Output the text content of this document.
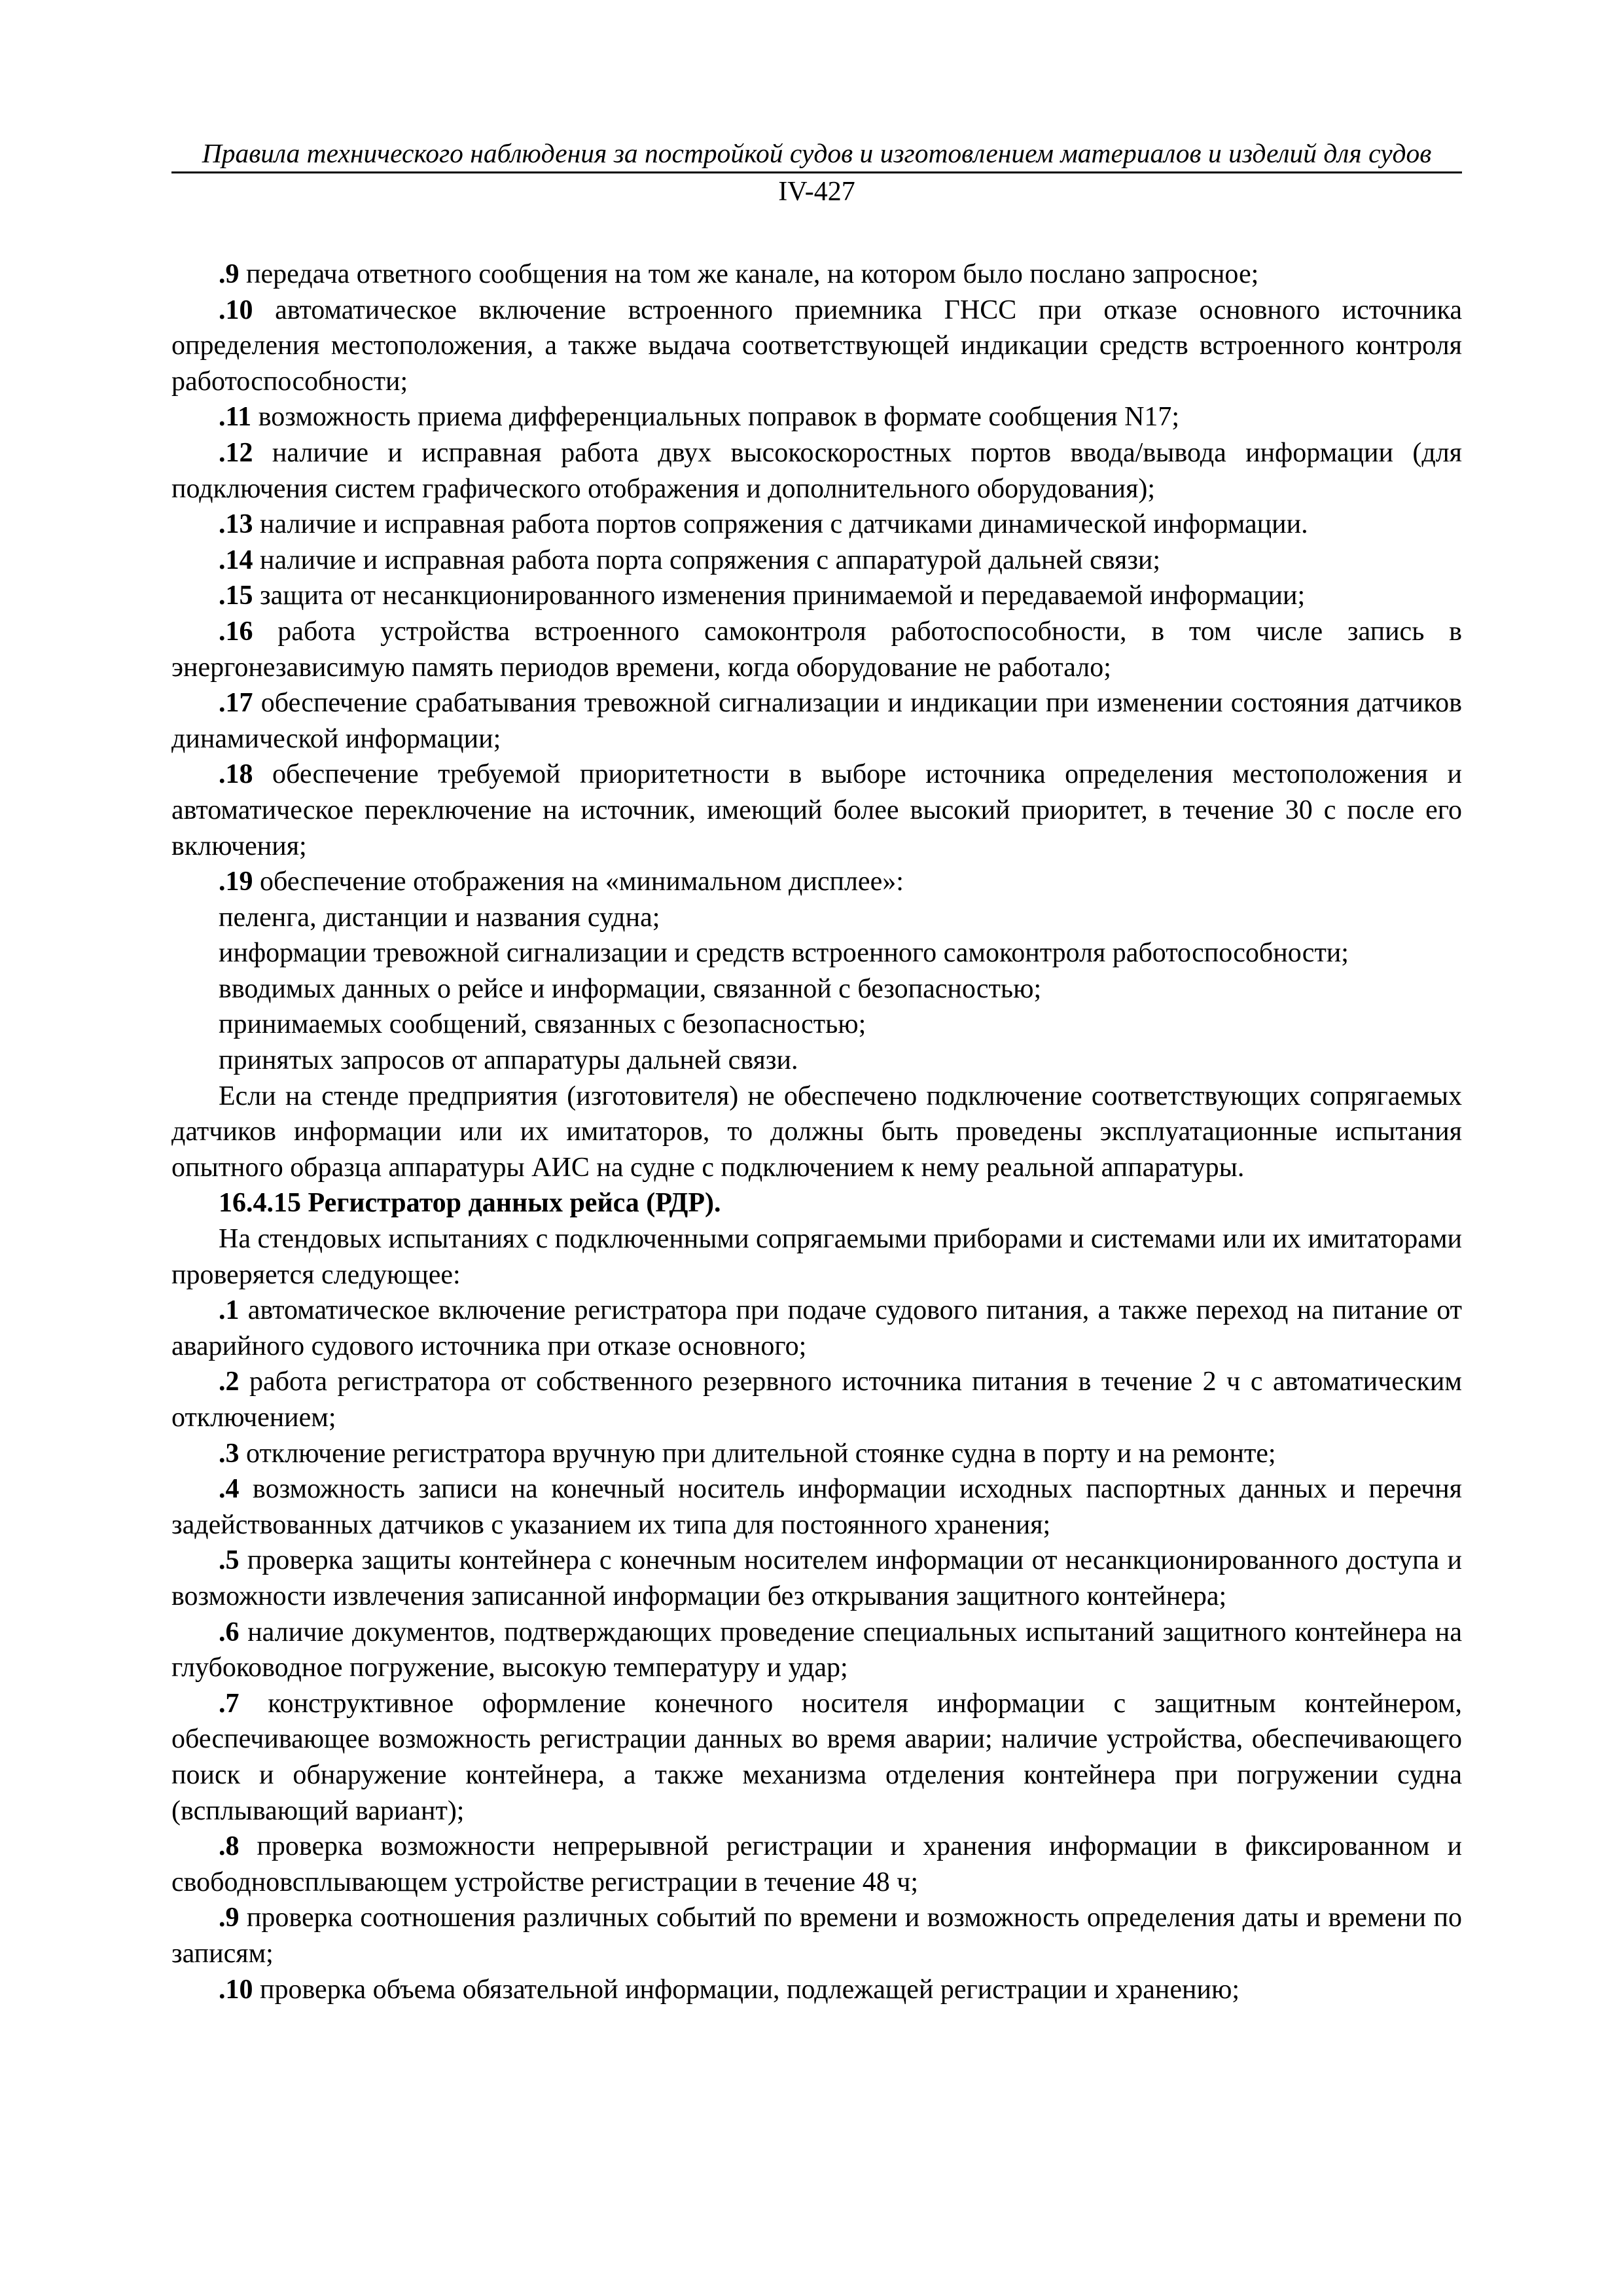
Правила технического наблюдения за постройкой судов и изготовлением материалов и изделий для судов
IV-427

.9 передача ответного сообщения на том же канале, на котором было послано запросное;

.10 автоматическое включение встроенного приемника ГНСС при отказе основного источника определения местоположения, а также выдача соответствующей индикации средств встроенного контроля работоспособности;

.11 возможность приема дифференциальных поправок в формате сообщения N17;

.12 наличие и исправная работа двух высокоскоростных портов ввода/вывода информации (для подключения систем графического отображения и дополнительного оборудования);

.13 наличие и исправная работа портов сопряжения с датчиками динамической информации.

.14 наличие и исправная работа порта сопряжения с аппаратурой дальней связи;

.15 защита от несанкционированного изменения принимаемой и передаваемой информации;

.16 работа устройства встроенного самоконтроля работоспособности, в том числе запись в энергонезависимую память периодов времени, когда оборудование не работало;

.17 обеспечение срабатывания тревожной сигнализации и индикации при изменении состояния датчиков динамической информации;

.18 обеспечение требуемой приоритетности в выборе источника определения местоположения и автоматическое переключение на источник, имеющий более высокий приоритет, в течение 30 с после его включения;

.19 обеспечение отображения на «минимальном дисплее»:

пеленга, дистанции и названия судна;

информации тревожной сигнализации и средств встроенного самоконтроля работоспособности;

вводимых данных о рейсе и информации, связанной с безопасностью;

принимаемых сообщений, связанных с безопасностью;

принятых запросов от аппаратуры дальней связи.

Если на стенде предприятия (изготовителя) не обеспечено подключение соответствующих сопрягаемых датчиков информации или их имитаторов, то должны быть проведены эксплуатационные испытания опытного образца аппаратуры АИС на судне с подключением к нему реальной аппаратуры.

16.4.15 Регистратор данных рейса (РДР).

На стендовых испытаниях с подключенными сопрягаемыми приборами и системами или их имитаторами проверяется следующее:

.1 автоматическое включение регистратора при подаче судового питания, а также переход на питание от аварийного судового источника при отказе основного;

.2 работа регистратора от собственного резервного источника питания в течение 2 ч с автоматическим отключением;

.3 отключение регистратора вручную при длительной стоянке судна в порту и на ремонте;

.4 возможность записи на конечный носитель информации исходных паспортных данных и перечня задействованных датчиков с указанием их типа для постоянного хранения;

.5 проверка защиты контейнера с конечным носителем информации от несанкционированного доступа и возможности извлечения записанной информации без открывания защитного контейнера;

.6 наличие документов, подтверждающих проведение специальных испытаний защитного контейнера на глубоководное погружение, высокую температуру и удар;

.7 конструктивное оформление конечного носителя информации с защитным контейнером, обеспечивающее возможность регистрации данных во время аварии; наличие устройства, обеспечивающего поиск и обнаружение контейнера, а также механизма отделения контейнера при погружении судна (всплывающий вариант);

.8 проверка возможности непрерывной регистрации и хранения информации в фиксированном и свободновсплывающем устройстве регистрации в течение 48 ч;

.9 проверка соотношения различных событий по времени и возможность определения даты и времени по записям;

.10 проверка объема обязательной информации, подлежащей регистрации и хранению;
